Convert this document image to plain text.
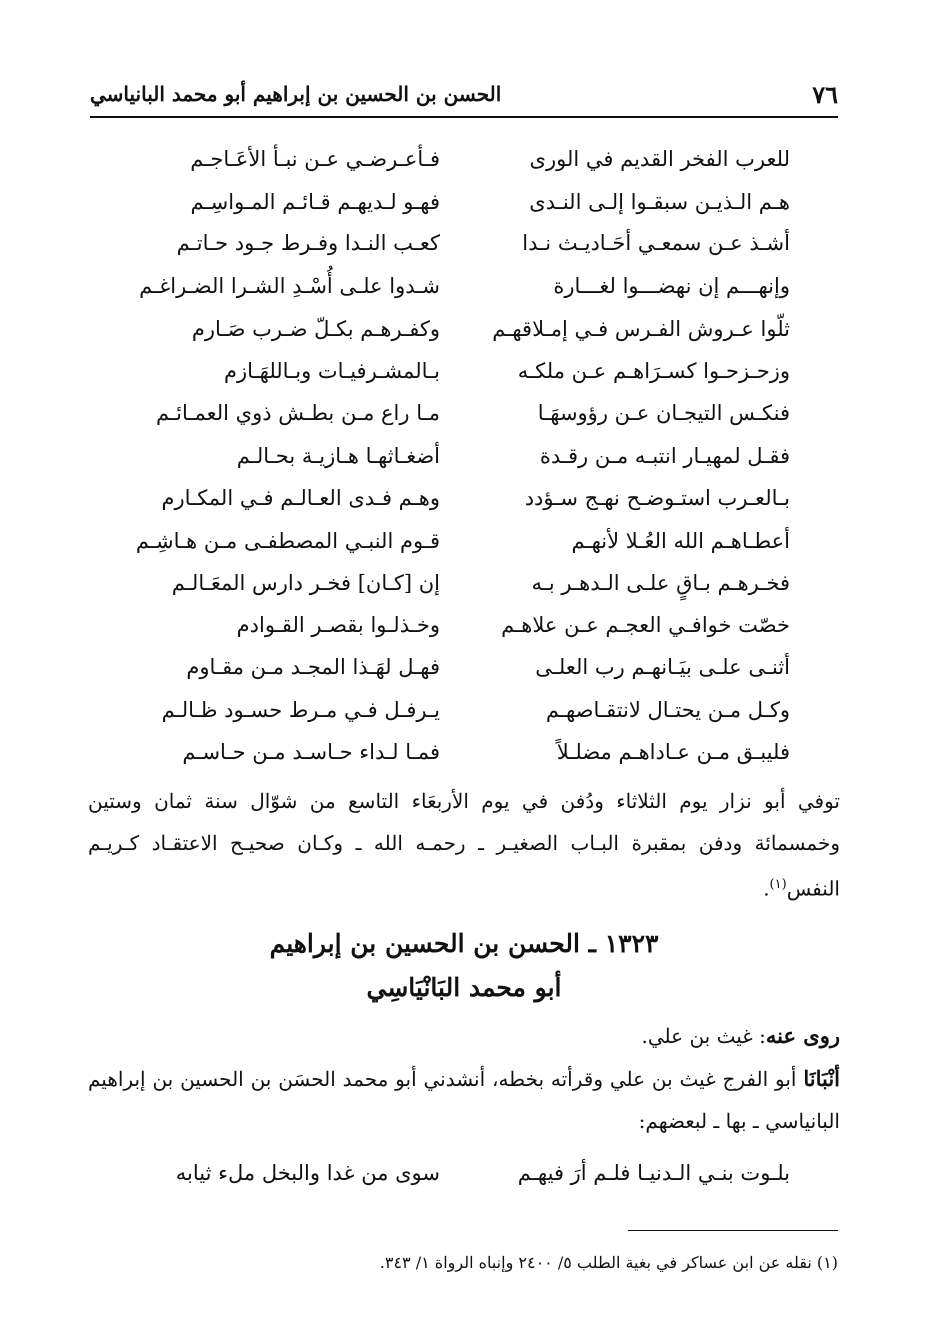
٧٦
الحسن بن الحسين بن إبراهيم أبو محمد البانياسي
للعرب الفخر القديم في الورى
فـأعـرضـي عـن نبـأ الأعَـاجـم
هـم الـذيـن سبقـوا إلـى النـدى
فهـو لـديهـم قـائـم المـواسِـم
أشـذ عـن سمعـي أحَـاديـث نـدا
كعـب النـدا وفـرط جـود حـاتـم
وإنهـــم إن نهضـــوا لغـــارة
شـدوا علـى أُسْـدِ الشـرا الضـراغـم
ثلّوا عـروش الفـرس فـي إمـلاقهـم
وكفـرهـم بكـلّ ضـرب صَـارم
وزحـزحـوا كسـرَاهـم عـن ملكـه
بـالمشـرفيـات وبـاللهَـازم
فنكـس التيجـان عـن رؤوسهَـا
مـا راع مـن بطـش ذوي العمـائـم
فقـل لمهيـار انتبـه مـن رقـدة
أضغـاثهـا هـازيـة بحـالـم
بـالعـرب استـوضـح نهـج سـؤدد
وهـم فـدى العـالـم فـي المكـارم
أعطـاهـم الله العُـلا لأنهـم
قـوم النبـي المصطفـى مـن هـاشِـم
فخـرهـم بـاقٍ علـى الـدهـر بـه
إن [كـان] فخـر دارس المعَـالـم
خصّت خوافـي العجـم عـن علاهـم
وخـذلـوا بقصـر القـوادم
أثنـى علـى بيَـانهـم رب العلـى
فهـل لهَـذا المجـد مـن مقـاوم
وكـل مـن يحتـال لانتقـاصهـم
يـرفـل فـي مـرط حسـود ظـالـم
فليبـق مـن عـاداهـم مضلـلاً
فمـا لـداء حـاسـد مـن حـاسـم
توفي أبو نزار يوم الثلاثاء ودُفن في يوم الأربعَاء التاسع من شوّال سنة ثمان وستين وخمسمائة ودفن بمقبرة البـاب الصغيـر ـ رحمـه الله ـ وكـان صحيـح الاعتقـاد كـريـم النفس$^{(١)}$.
١٣٢٣ ـ الحسن بن الحسين بن إبراهيم
أبو محمد البَانْيَاسِي
روى عنه: غيث بن علي.
أنْبَانَا أبو الفرج غيث بن علي وقرأته بخطه، أنشدني أبو محمد الحسَن بن الحسين بن إبراهيم البانياسي ـ بها ـ لبعضهم:
بلـوت بنـي الـدنيـا فلـم أرَ فيهـم
سوى من غدا والبخل ملء ثيابه
(١) نقله عن ابن عساكر في بغية الطلب ٥/ ٢٤٠٠ وإنباه الرواة ١/ ٣٤٣.
